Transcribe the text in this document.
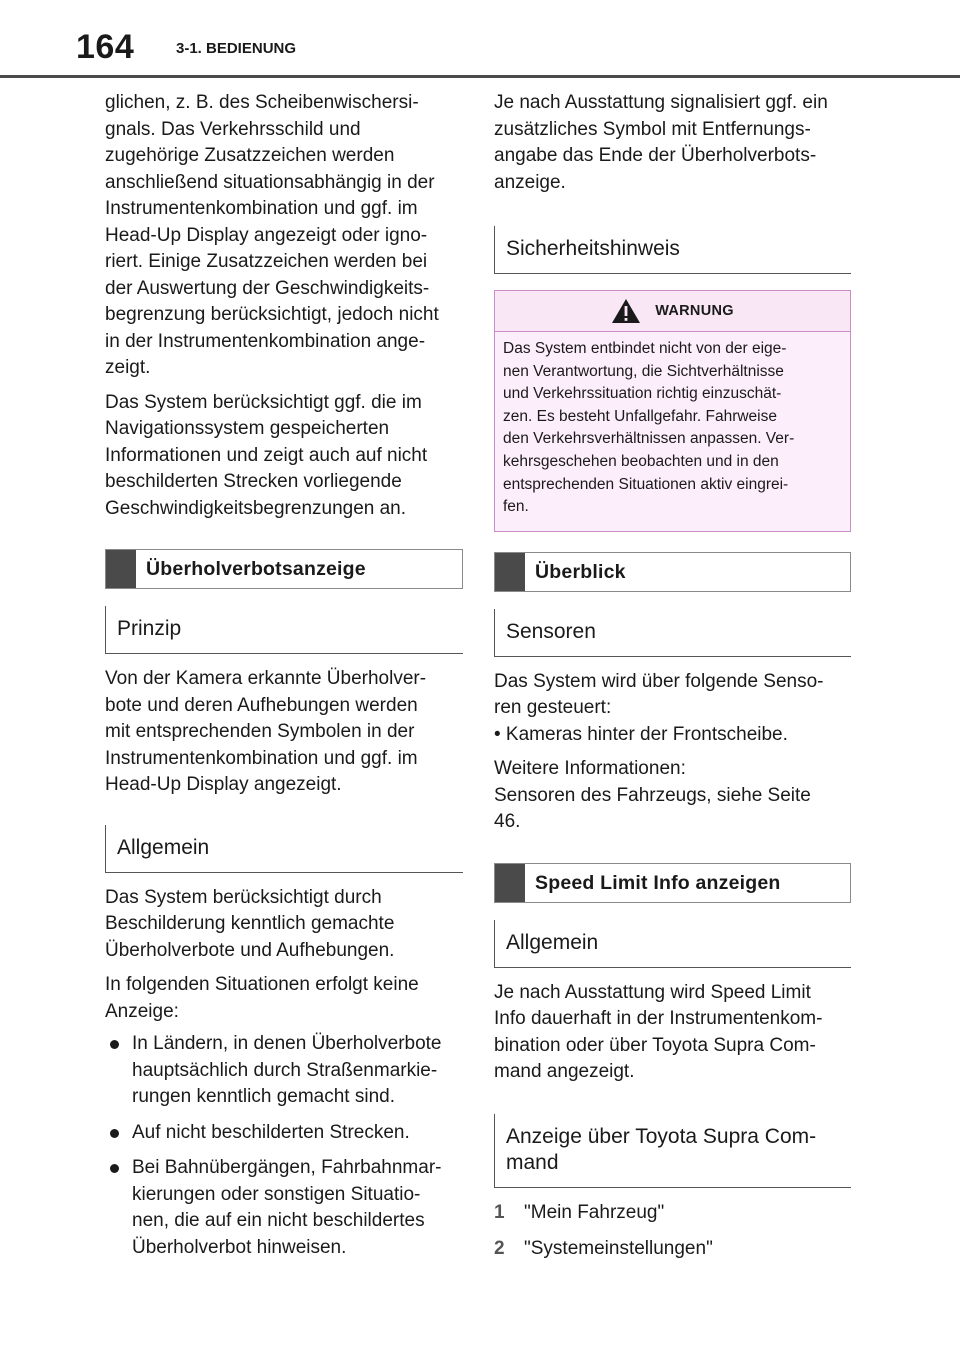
164	3-1. BEDIENUNG

glichen, z. B. des Scheibenwischersi-
gnals. Das Verkehrsschild und
zugehörige Zusatzzeichen werden
anschließend situationsabhängig in der
Instrumentenkombination und ggf. im
Head-Up Display angezeigt oder igno-
riert. Einige Zusatzzeichen werden bei
der Auswertung der Geschwindigkeits-
begrenzung berücksichtigt, jedoch nicht
in der Instrumentenkombination ange-
zeigt.

Das System berücksichtigt ggf. die im
Navigationssystem gespeicherten
Informationen und zeigt auch auf nicht
beschilderten Strecken vorliegende
Geschwindigkeitsbegrenzungen an.

Überholverbotsanzeige
Prinzip

Von der Kamera erkannte Überholver-
bote und deren Aufhebungen werden
mit entsprechenden Symbolen in der
Instrumentenkombination und ggf. im
Head-Up Display angezeigt.

Allgemein

Das System berücksichtigt durch
Beschilderung kenntlich gemachte
Überholverbote und Aufhebungen.

In folgenden Situationen erfolgt keine
Anzeige:

In Ländern, in denen Überholverbote
hauptsächlich durch Straßenmarkie-
rungen kenntlich gemacht sind.
Auf nicht beschilderten Strecken.
Bei Bahnübergängen, Fahrbahnmar-
kierungen oder sonstigen Situatio-
nen, die auf ein nicht beschildertes
Überholverbot hinweisen.

Je nach Ausstattung signalisiert ggf. ein
zusätzliches Symbol mit Entfernungs-
angabe das Ende der Überholverbots-
anzeige.

Sicherheitshinweis
WARNUNG
Das System entbindet nicht von der eige-
nen Verantwortung, die Sichtverhältnisse
und Verkehrssituation richtig einzuschät-
zen. Es besteht Unfallgefahr. Fahrweise
den Verkehrsverhältnissen anpassen. Ver-
kehrsgeschehen beobachten und in den
entsprechenden Situationen aktiv eingrei-
fen.
Überblick
Sensoren

Das System wird über folgende Senso-
ren gesteuert:
• Kameras hinter der Frontscheibe.

Weitere Informationen:
Sensoren des Fahrzeugs, siehe Seite
46.

Speed Limit Info anzeigen
Allgemein

Je nach Ausstattung wird Speed Limit
Info dauerhaft in der Instrumentenkom-
bination oder über Toyota Supra Com-
mand angezeigt.

Anzeige über Toyota Supra Com-
mand
1 "Mein Fahrzeug"
2 "Systemeinstellungen"
